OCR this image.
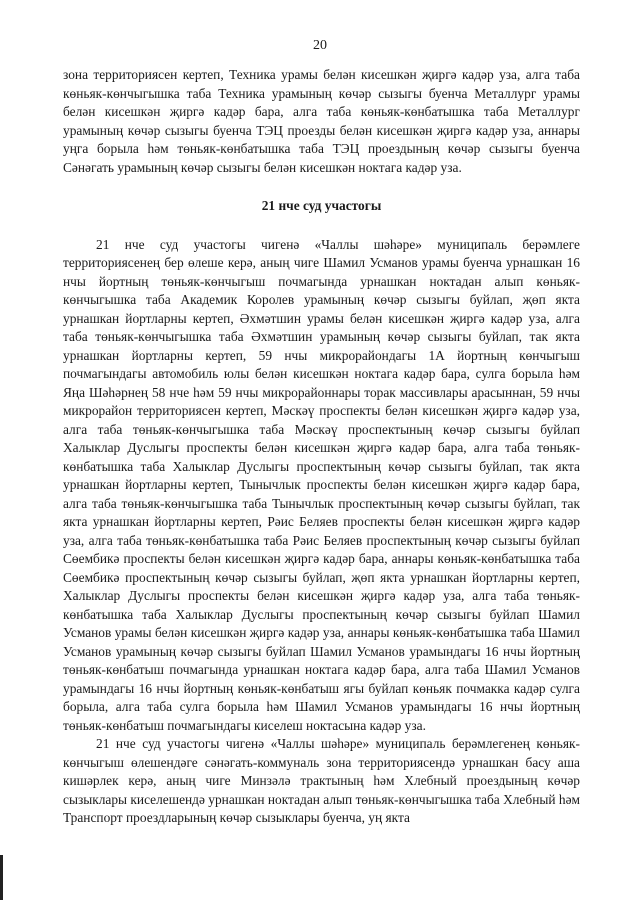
20

зона территориясен кертеп, Техника урамы белән кисешкән җиргә кадәр уза, алга таба көньяк-көнчыгышка таба Техника урамының көчәр сызыгы буенча Металлург урамы белән кисешкән җиргә кадәр бара, алга таба көньяк-көнбатышка таба Металлург урамының көчәр сызыгы буенча ТЭЦ проезды белән кисешкән җиргә кадәр уза, аннары уңга борыла һәм төньяк-көнбатышка таба ТЭЦ проездының көчәр сызыгы буенча Сәнәгать урамының көчәр сызыгы белән кисешкән ноктага кадәр уза.

21 нче суд участогы

21 нче суд участогы чигенә «Чаллы шәһәре» муниципаль берәмлеге территориясенең бер өлеше керә, аның чиге Шамил Усманов урамы буенча урнашкан 16 нчы йортның төньяк-көнчыгыш почмагында урнашкан ноктадан алып көньяк-көнчыгышка таба Академик Королев урамының көчәр сызыгы буйлап, җөп якта урнашкан йортларны кертеп, Әхмәтшин урамы белән кисешкән җиргә кадәр уза, алга таба төньяк-көнчыгышка таба Әхмәтшин урамының көчәр сызыгы буйлап, так якта урнашкан йортларны кертеп, 59 нчы микрорайондагы 1А йортның көнчыгыш почмагындагы автомобиль юлы белән кисешкән ноктага кадәр бара, сулга борыла һәм Яңа Шәһәрнең 58 нче һәм 59 нчы микрорайоннары торак массивлары арасыннан, 59 нчы микрорайон территориясен кертеп, Мәскәү проспекты белән кисешкән җиргә кадәр уза, алга таба төньяк-көнчыгышка таба Мәскәү проспектының көчәр сызыгы буйлап Халыклар Дуслыгы проспекты белән кисешкән җиргә кадәр бара, алга таба төньяк-көнбатышка таба Халыклар Дуслыгы проспектының көчәр сызыгы буйлап, так якта урнашкан йортларны кертеп, Тынычлык проспекты белән кисешкән җиргә кадәр бара, алга таба төньяк-көнчыгышка таба Тынычлык проспектының көчәр сызыгы буйлап, так якта урнашкан йортларны кертеп, Рәис Беляев проспекты белән кисешкән җиргә кадәр уза, алга таба төньяк-көнбатышка таба Рәис Беляев проспектының көчәр сызыгы буйлап Сөембикә проспекты белән кисешкән җиргә кадәр бара, аннары көньяк-көнбатышка таба Сөембикә проспектының көчәр сызыгы буйлап, җөп якта урнашкан йортларны кертеп, Халыклар Дуслыгы проспекты белән кисешкән җиргә кадәр уза, алга таба төньяк-көнбатышка таба Халыклар Дуслыгы проспектының көчәр сызыгы буйлап Шамил Усманов урамы белән кисешкән җиргә кадәр уза, аннары көньяк-көнбатышка таба Шамил Усманов урамының көчәр сызыгы буйлап Шамил Усманов урамындагы 16 нчы йортның төньяк-көнбатыш почмагында урнашкан ноктага кадәр бара, алга таба Шамил Усманов урамындагы 16 нчы йортның көньяк-көнбатыш ягы буйлап көньяк почмакка кадәр сулга борыла, алга таба сулга борыла һәм Шамил Усманов урамындагы 16 нчы йортның төньяк-көнбатыш почмагындагы киселеш ноктасына кадәр уза.

21 нче суд участогы чигенә «Чаллы шәһәре» муниципаль берәмлегенең көньяк-көнчыгыш өлешендәге сәнәгать-коммуналь зона территориясендә урнашкан басу аша кишәрлек керә, аның чиге Минзәлә трактының һәм Хлебный проездының көчәр сызыклары киселешендә урнашкан ноктадан алып төньяк-көнчыгышка таба Хлебный һәм Транспорт проездларының көчәр сызыклары буенча, уң якта
